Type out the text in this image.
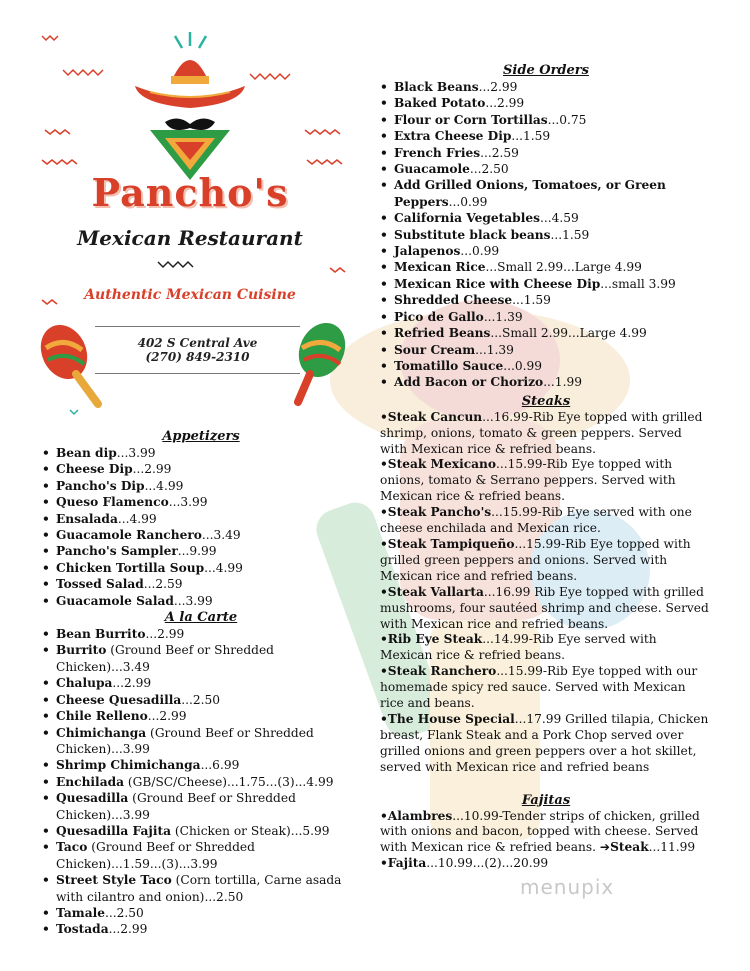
Pancho's
Mexican Restaurant
Authentic Mexican Cuisine
402 S Central Ave
(270) 849-2310
Appetizers
• Bean dip...3.99
• Cheese Dip...2.99
• Pancho's Dip...4.99
• Queso Flamenco...3.99
• Ensalada...4.99
• Guacamole Ranchero...3.49
• Pancho's Sampler...9.99
• Chicken Tortilla Soup...4.99
• Tossed Salad...2.59
• Guacamole Salad...3.99
A la Carte
• Bean Burrito...2.99
• Burrito (Ground Beef or Shredded Chicken)...3.49
• Chalupa...2.99
• Cheese Quesadilla...2.50
• Chile Relleno...2.99
• Chimichanga (Ground Beef or Shredded Chicken)...3.99
• Shrimp Chimichanga...6.99
• Enchilada (GB/SC/Cheese)...1.75...(3)...4.99
• Quesadilla (Ground Beef or Shredded Chicken)...3.99
• Quesadilla Fajita (Chicken or Steak)...5.99
• Taco (Ground Beef or Shredded Chicken)...1.59...(3)...3.99
• Street Style Taco (Corn tortilla, Carne asada with cilantro and onion)...2.50
• Tamale...2.50
• Tostada...2.99
Side Orders
• Black Beans...2.99
• Baked Potato...2.99
• Flour or Corn Tortillas...0.75
• Extra Cheese Dip...1.59
• French Fries...2.59
• Guacamole...2.50
• Add Grilled Onions, Tomatoes, or Green Peppers...0.99
• California Vegetables...4.59
• Substitute black beans...1.59
• Jalapenos...0.99
• Mexican Rice...Small 2.99...Large 4.99
• Mexican Rice with Cheese Dip...small 3.99
• Shredded Cheese...1.59
• Pico de Gallo...1.39
• Refried Beans...Small 2.99...Large 4.99
• Sour Cream...1.39
• Tomatillo Sauce...0.99
• Add Bacon or Chorizo...1.99
Steaks

•Steak Cancun...16.99-Rib Eye topped with grilled shrimp, onions, tomato & green peppers. Served with Mexican rice & refried beans.

•Steak Mexicano...15.99-Rib Eye topped with onions, tomato & Serrano peppers. Served with Mexican rice & refried beans.

•Steak Pancho's...15.99-Rib Eye served with one cheese enchilada and Mexican rice.

•Steak Tampiqueño...15.99-Rib Eye topped with grilled green peppers and onions. Served with Mexican rice and refried beans.

•Steak Vallarta...16.99 Rib Eye topped with grilled mushrooms, four sautéed shrimp and cheese. Served with Mexican rice and refried beans.

•Rib Eye Steak...14.99-Rib Eye served with Mexican rice & refried beans.

•Steak Ranchero...15.99-Rib Eye topped with our homemade spicy red sauce. Served with Mexican rice and beans.

•The House Special...17.99 Grilled tilapia, Chicken breast, Flank Steak and a Pork Chop served over grilled onions and green peppers over a hot skillet, served with Mexican rice and refried beans

Fajitas

•Alambres...10.99-Tender strips of chicken, grilled with onions and bacon, topped with cheese. Served with Mexican rice & refried beans. ➔Steak...11.99

•Fajita...10.99...(2)...20.99

menupix
